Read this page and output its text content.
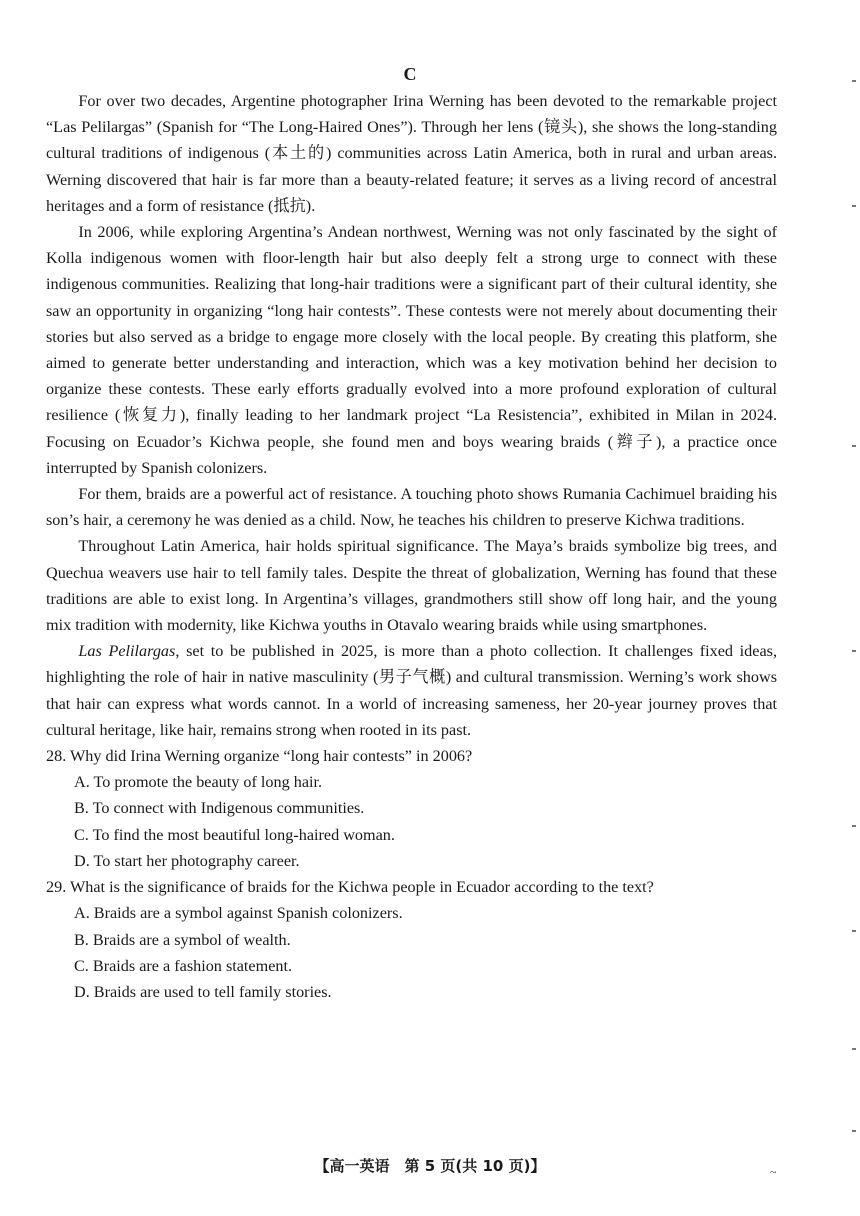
C

For over two decades, Argentine photographer Irina Werning has been devoted to the remarkable project “Las Pelilargas” (Spanish for “The Long-Haired Ones”). Through her lens (镜头), she shows the long-standing cultural traditions of indigenous (本土的) communities across Latin America, both in rural and urban areas. Werning discovered that hair is far more than a beauty-related feature; it serves as a living record of ancestral heritages and a form of resistance (抵抗).

In 2006, while exploring Argentina’s Andean northwest, Werning was not only fascinated by the sight of Kolla indigenous women with floor-length hair but also deeply felt a strong urge to connect with these indigenous communities. Realizing that long-hair traditions were a significant part of their cultural identity, she saw an opportunity in organizing “long hair contests”. These contests were not merely about documenting their stories but also served as a bridge to engage more closely with the local people. By creating this platform, she aimed to generate better understanding and interaction, which was a key motivation behind her decision to organize these contests. These early efforts gradually evolved into a more profound exploration of cultural resilience (恢复力), finally leading to her landmark project “La Resistencia”, exhibited in Milan in 2024. Focusing on Ecuador’s Kichwa people, she found men and boys wearing braids (辫子), a practice once interrupted by Spanish colonizers.

For them, braids are a powerful act of resistance. A touching photo shows Rumania Cachimuel braiding his son’s hair, a ceremony he was denied as a child. Now, he teaches his children to preserve Kichwa traditions.

Throughout Latin America, hair holds spiritual significance. The Maya’s braids symbolize big trees, and Quechua weavers use hair to tell family tales. Despite the threat of globalization, Werning has found that these traditions are able to exist long. In Argentina’s villages, grandmothers still show off long hair, and the young mix tradition with modernity, like Kichwa youths in Otavalo wearing braids while using smartphones.

Las Pelilargas, set to be published in 2025, is more than a photo collection. It challenges fixed ideas, highlighting the role of hair in native masculinity (男子气概) and cultural transmission. Werning’s work shows that hair can express what words cannot. In a world of increasing sameness, her 20-year journey proves that cultural heritage, like hair, remains strong when rooted in its past.

28. Why did Irina Werning organize “long hair contests” in 2006?
A. To promote the beauty of long hair.
B. To connect with Indigenous communities.
C. To find the most beautiful long-haired woman.
D. To start her photography career.
29. What is the significance of braids for the Kichwa people in Ecuador according to the text?
A. Braids are a symbol against Spanish colonizers.
B. Braids are a symbol of wealth.
C. Braids are a fashion statement.
D. Braids are used to tell family stories.
【高一英语　第 5 页(共 10 页)】	~
